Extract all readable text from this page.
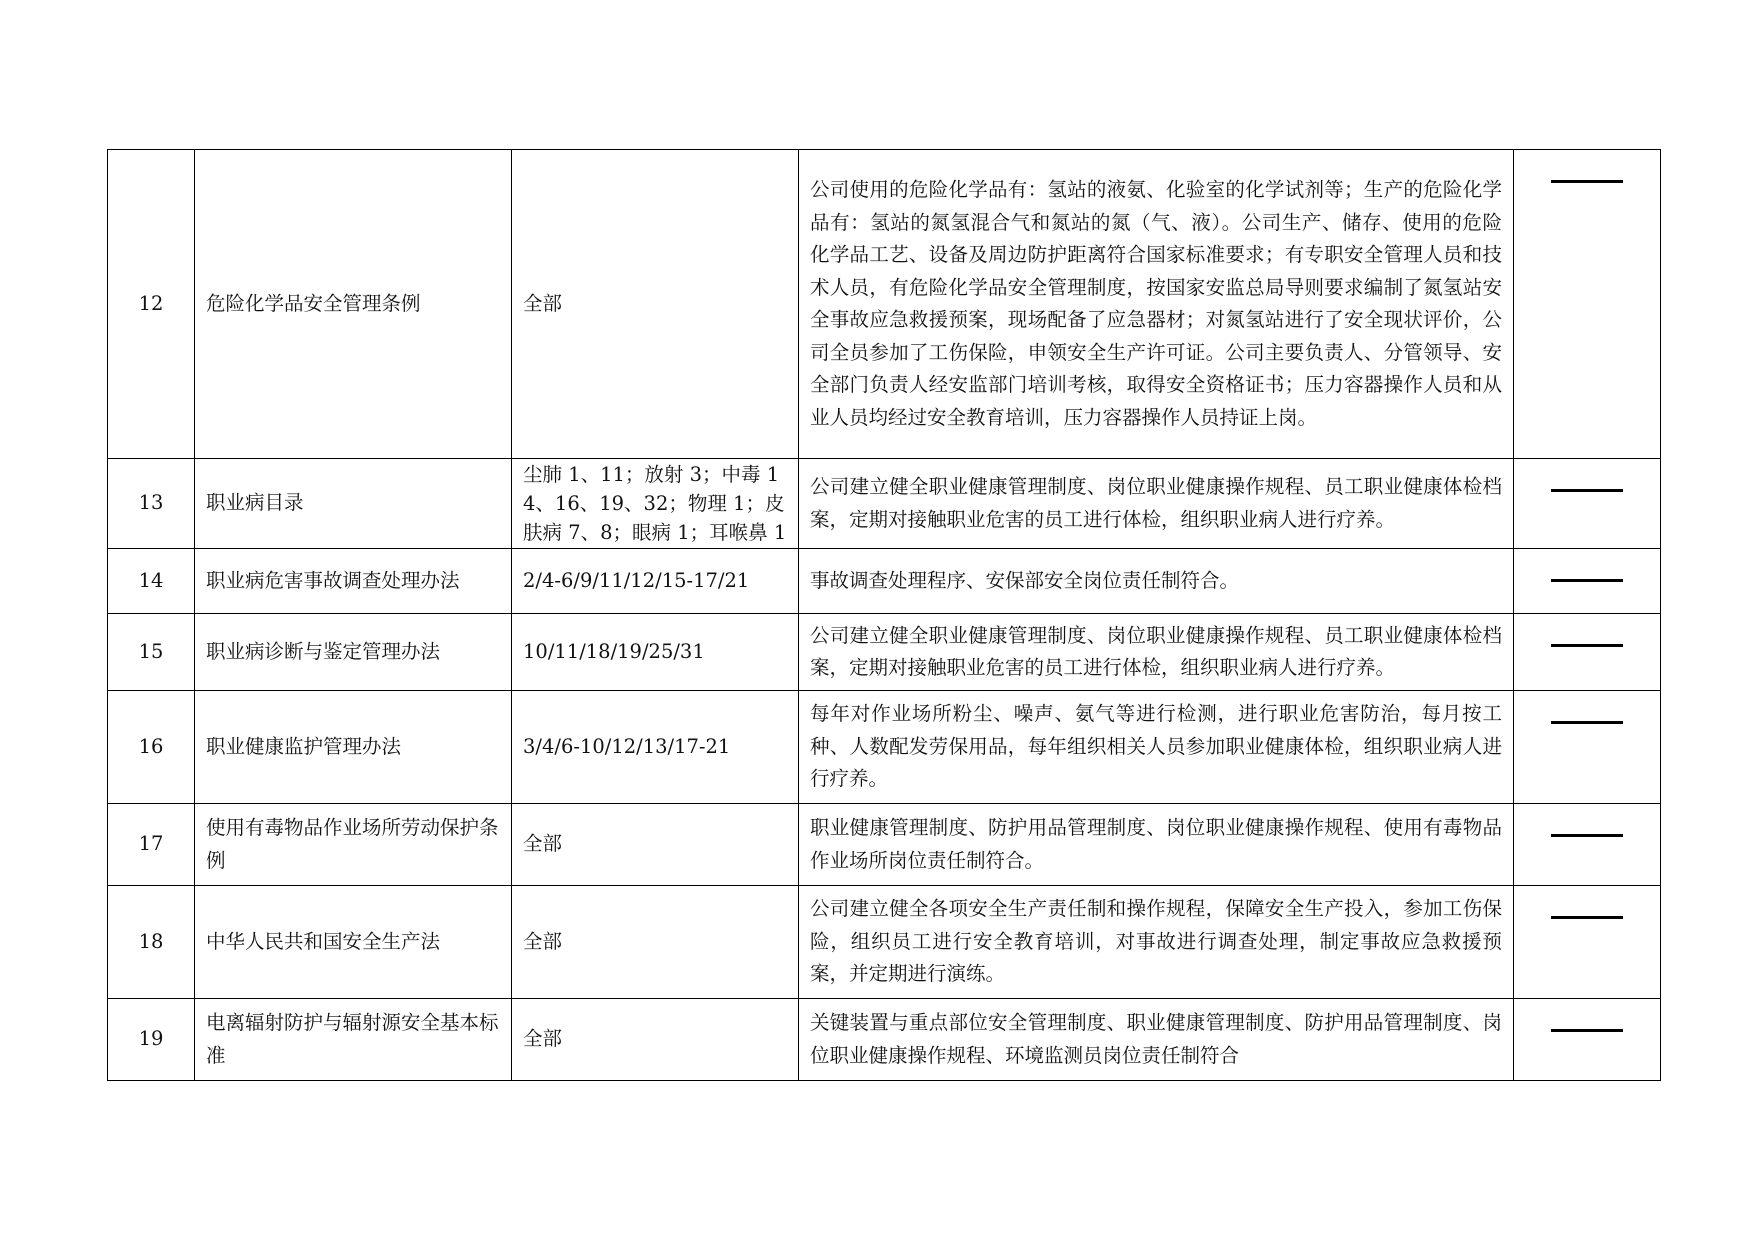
12	危险化学品安全管理条例	全部	公司使用的危险化学品有：氢站的液氨、化验室的化学试剂等；生产的危险化学品有：氢站的氮氢混合气和氮站的氮（气、液）。公司生产、储存、使用的危险化学品工艺、设备及周边防护距离符合国家标准要求；有专职安全管理人员和技术人员，有危险化学品安全管理制度，按国家安监总局导则要求编制了氮氢站安全事故应急救援预案，现场配备了应急器材；对氮氢站进行了安全现状评价，公司全员参加了工伤保险，申领安全生产许可证。公司主要负责人、分管领导、安全部门负责人经安监部门培训考核，取得安全资格证书；压力容器操作人员和从业人员均经过安全教育培训，压力容器操作人员持证上岗。	

13	职业病目录	尘肺 1、11；放射 3；中毒 14、16、19、32；物理 1；皮肤病 7、8；眼病 1；耳喉鼻 1	公司建立健全职业健康管理制度、岗位职业健康操作规程、员工职业健康体检档案，定期对接触职业危害的员工进行体检，组织职业病人进行疗养。	

14	职业病危害事故调查处理办法	2/4-6/9/11/12/15-17/21	事故调查处理程序、安保部安全岗位责任制符合。	

15	职业病诊断与鉴定管理办法	10/11/18/19/25/31	公司建立健全职业健康管理制度、岗位职业健康操作规程、员工职业健康体检档案，定期对接触职业危害的员工进行体检，组织职业病人进行疗养。	

16	职业健康监护管理办法	3/4/6-10/12/13/17-21	每年对作业场所粉尘、噪声、氨气等进行检测，进行职业危害防治，每月按工种、人数配发劳保用品，每年组织相关人员参加职业健康体检，组织职业病人进行疗养。	

17	使用有毒物品作业场所劳动保护条例	全部	职业健康管理制度、防护用品管理制度、岗位职业健康操作规程、使用有毒物品作业场所岗位责任制符合。	

18	中华人民共和国安全生产法	全部	公司建立健全各项安全生产责任制和操作规程，保障安全生产投入，参加工伤保险，组织员工进行安全教育培训，对事故进行调查处理，制定事故应急救援预案，并定期进行演练。	

19	电离辐射防护与辐射源安全基本标准	全部	关键装置与重点部位安全管理制度、职业健康管理制度、防护用品管理制度、岗位职业健康操作规程、环境监测员岗位责任制符合	
